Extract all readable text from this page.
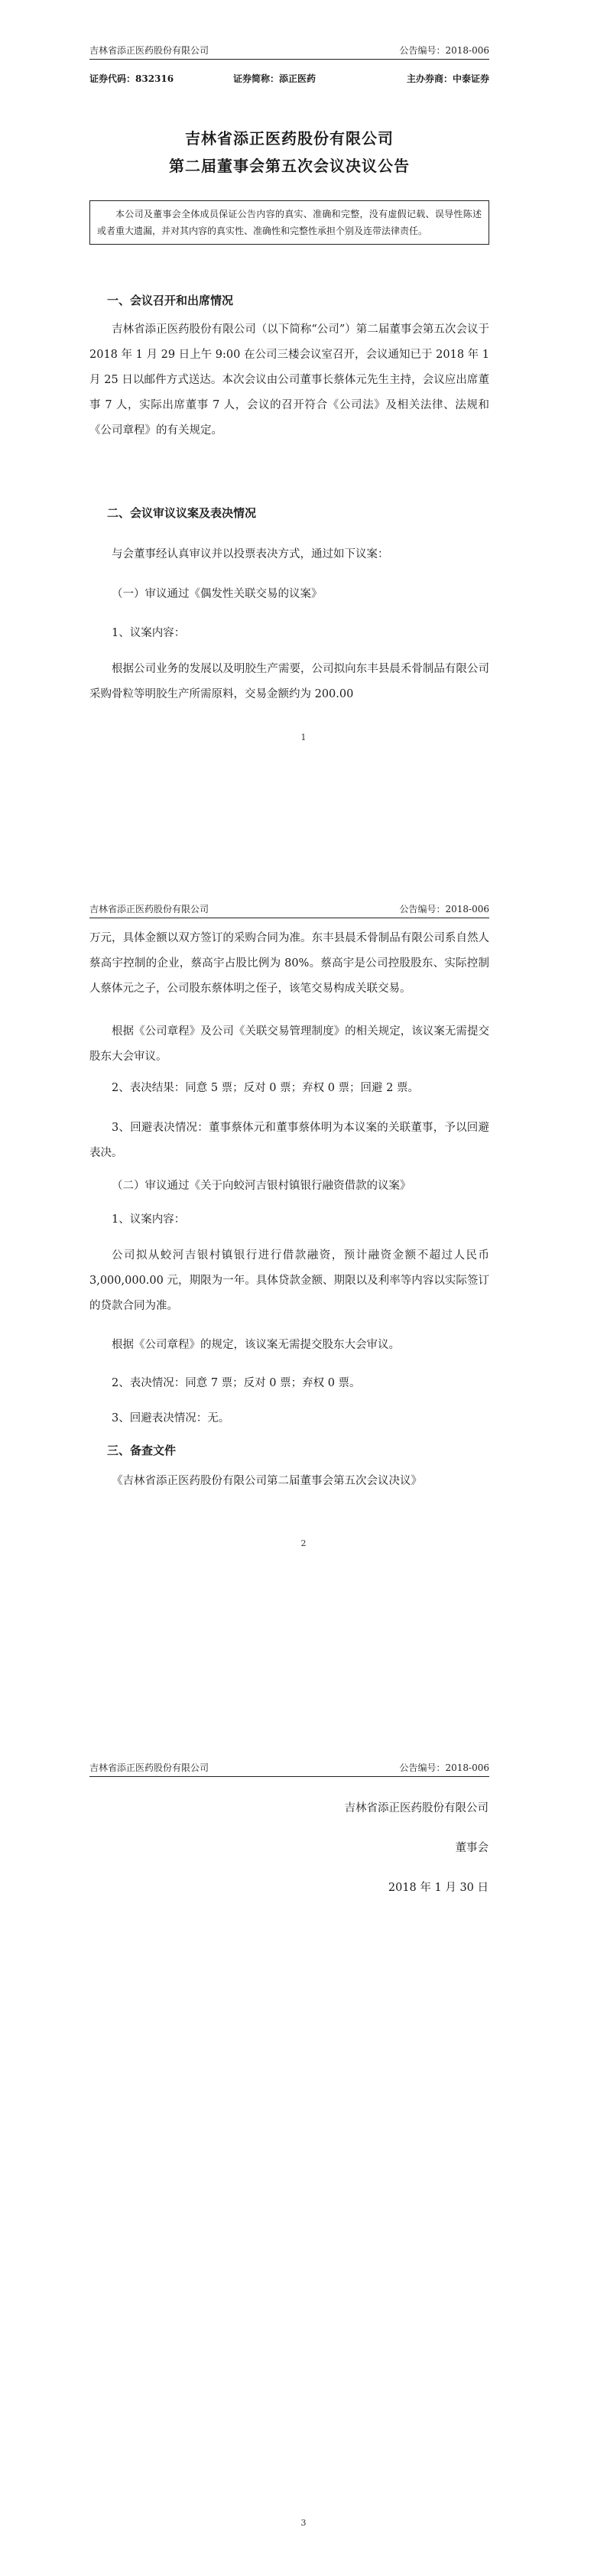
吉林省添正医药股份有限公司	公告编号：2018-006
证券代码：832316	证券简称：添正医药	主办券商：中泰证券
吉林省添正医药股份有限公司
第二届董事会第五次会议决议公告
本公司及董事会全体成员保证公告内容的真实、准确和完整，没有虚假记载、误导性陈述或者重大遗漏，并对其内容的真实性、准确性和完整性承担个别及连带法律责任。
一、会议召开和出席情况

吉林省添正医药股份有限公司（以下简称“公司”）第二届董事会第五次会议于 2018 年 1 月 29 日上午 9:00 在公司三楼会议室召开，会议通知已于 2018 年 1 月 25 日以邮件方式送达。本次会议由公司董事长蔡体元先生主持，会议应出席董事 7 人，实际出席董事 7 人，会议的召开符合《公司法》及相关法律、法规和《公司章程》的有关规定。

二、会议审议议案及表决情况
与会董事经认真审议并以投票表决方式，通过如下议案：
（一）审议通过《偶发性关联交易的议案》
1、议案内容：

根据公司业务的发展以及明胶生产需要，公司拟向东丰县晨禾骨制品有限公司采购骨粒等明胶生产所需原料，交易金额约为 200.00

1
吉林省添正医药股份有限公司	公告编号：2018-006

万元，具体金额以双方签订的采购合同为准。东丰县晨禾骨制品有限公司系自然人蔡高宇控制的企业，蔡高宇占股比例为 80%。蔡高宇是公司控股股东、实际控制人蔡体元之子，公司股东蔡体明之侄子，该笔交易构成关联交易。

根据《公司章程》及公司《关联交易管理制度》的相关规定，该议案无需提交股东大会审议。

2、表决结果：同意 5 票；反对 0 票；弃权 0 票；回避 2 票。

3、回避表决情况：董事蔡体元和董事蔡体明为本议案的关联董事，予以回避表决。

（二）审议通过《关于向蛟河吉银村镇银行融资借款的议案》
1、议案内容：

公司拟从蛟河吉银村镇银行进行借款融资，预计融资金额不超过人民币 3,000,000.00 元，期限为一年。具体贷款金额、期限以及利率等内容以实际签订的贷款合同为准。

根据《公司章程》的规定，该议案无需提交股东大会审议。

2、表决情况：同意 7 票；反对 0 票；弃权 0 票。
3、回避表决情况：无。
三、备查文件

《吉林省添正医药股份有限公司第二届董事会第五次会议决议》

2
吉林省添正医药股份有限公司	公告编号：2018-006
吉林省添正医药股份有限公司
董事会
2018 年 1 月 30 日
3
